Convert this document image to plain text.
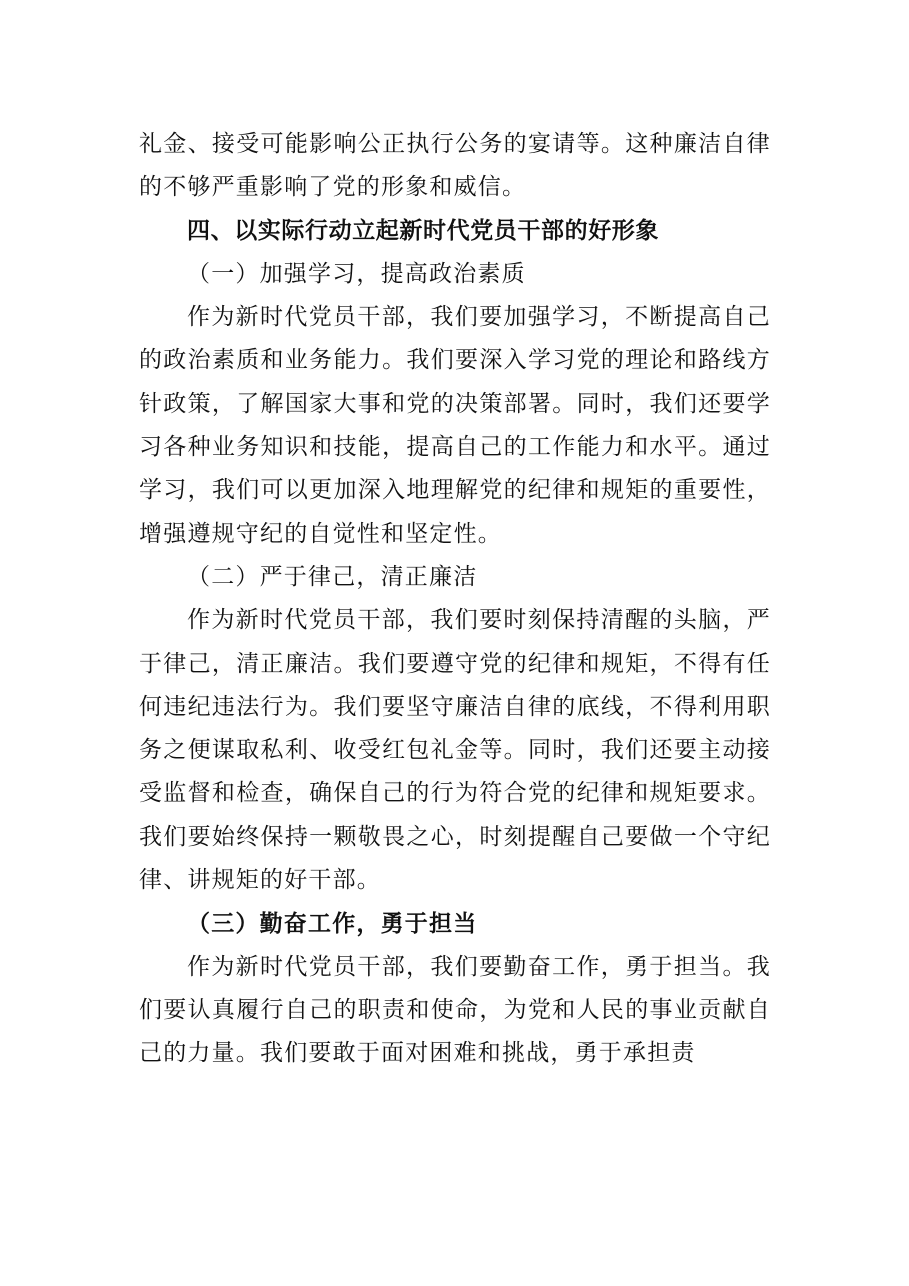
礼金、接受可能影响公正执行公务的宴请等。这种廉洁自律的不够严重影响了党的形象和威信。

四、以实际行动立起新时代党员干部的好形象

（一）加强学习，提高政治素质

作为新时代党员干部，我们要加强学习，不断提高自己的政治素质和业务能力。我们要深入学习党的理论和路线方针政策，了解国家大事和党的决策部署。同时，我们还要学习各种业务知识和技能，提高自己的工作能力和水平。通过学习，我们可以更加深入地理解党的纪律和规矩的重要性，增强遵规守纪的自觉性和坚定性。

（二）严于律己，清正廉洁

作为新时代党员干部，我们要时刻保持清醒的头脑，严于律己，清正廉洁。我们要遵守党的纪律和规矩，不得有任何违纪违法行为。我们要坚守廉洁自律的底线，不得利用职务之便谋取私利、收受红包礼金等。同时，我们还要主动接受监督和检查，确保自己的行为符合党的纪律和规矩要求。我们要始终保持一颗敬畏之心，时刻提醒自己要做一个守纪律、讲规矩的好干部。

（三）勤奋工作，勇于担当

作为新时代党员干部，我们要勤奋工作，勇于担当。我们要认真履行自己的职责和使命，为党和人民的事业贡献自己的力量。我们要敢于面对困难和挑战，勇于承担责
